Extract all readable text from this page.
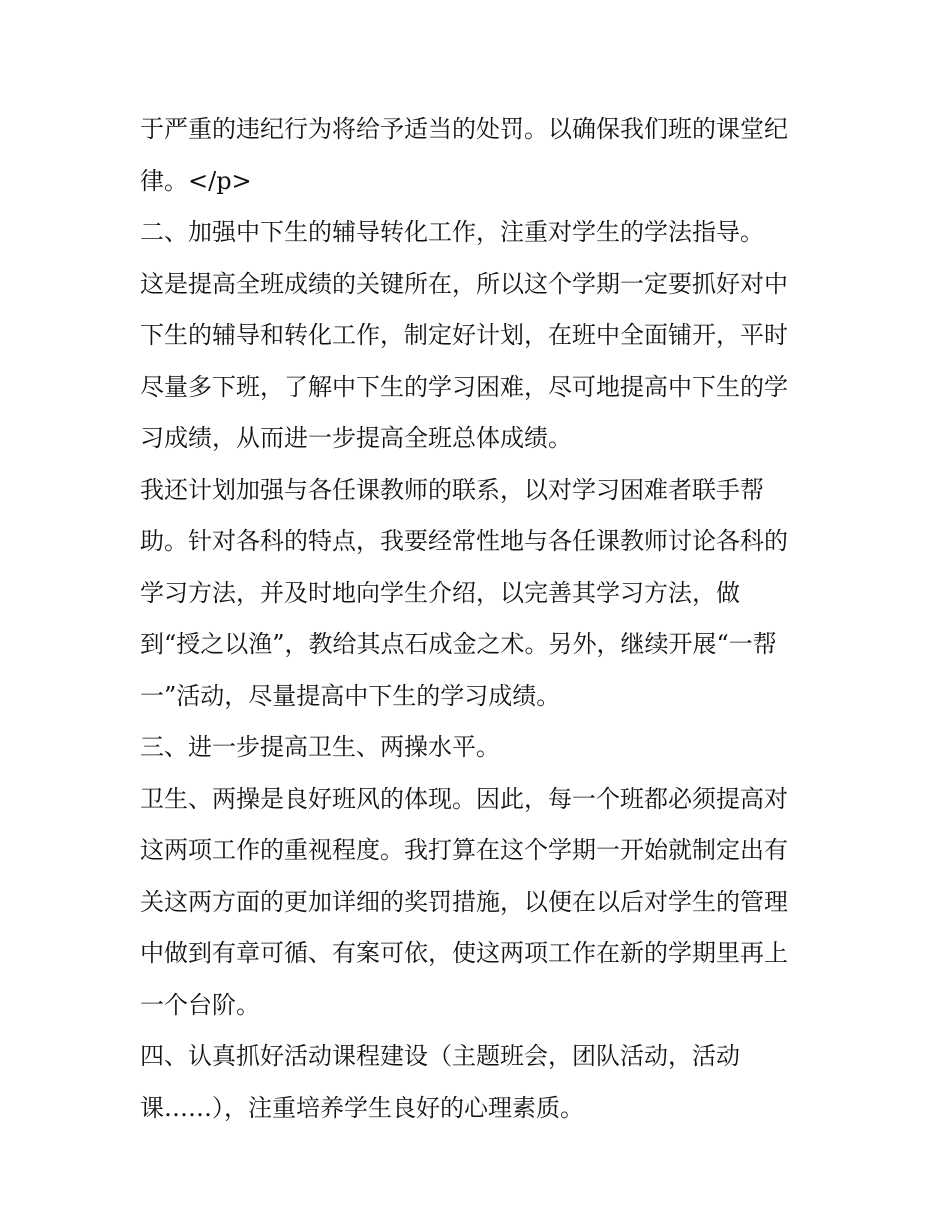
于严重的违纪行为将给予适当的处罚。以确保我们班的课堂纪
律。</p>
二、加强中下生的辅导转化工作，注重对学生的学法指导。
这是提高全班成绩的关键所在，所以这个学期一定要抓好对中
下生的辅导和转化工作，制定好计划，在班中全面铺开，平时
尽量多下班，了解中下生的学习困难，尽可地提高中下生的学
习成绩，从而进一步提高全班总体成绩。
我还计划加强与各任课教师的联系，以对学习困难者联手帮
助。针对各科的特点，我要经常性地与各任课教师讨论各科的
学习方法，并及时地向学生介绍，以完善其学习方法，做
到“授之以渔”，教给其点石成金之术。另外，继续开展“一帮
一”活动，尽量提高中下生的学习成绩。
三、进一步提高卫生、两操水平。
卫生、两操是良好班风的体现。因此，每一个班都必须提高对
这两项工作的重视程度。我打算在这个学期一开始就制定出有
关这两方面的更加详细的奖罚措施，以便在以后对学生的管理
中做到有章可循、有案可依，使这两项工作在新的学期里再上
一个台阶。
四、认真抓好活动课程建设（主题班会，团队活动，活动
课……），注重培养学生良好的心理素质。
